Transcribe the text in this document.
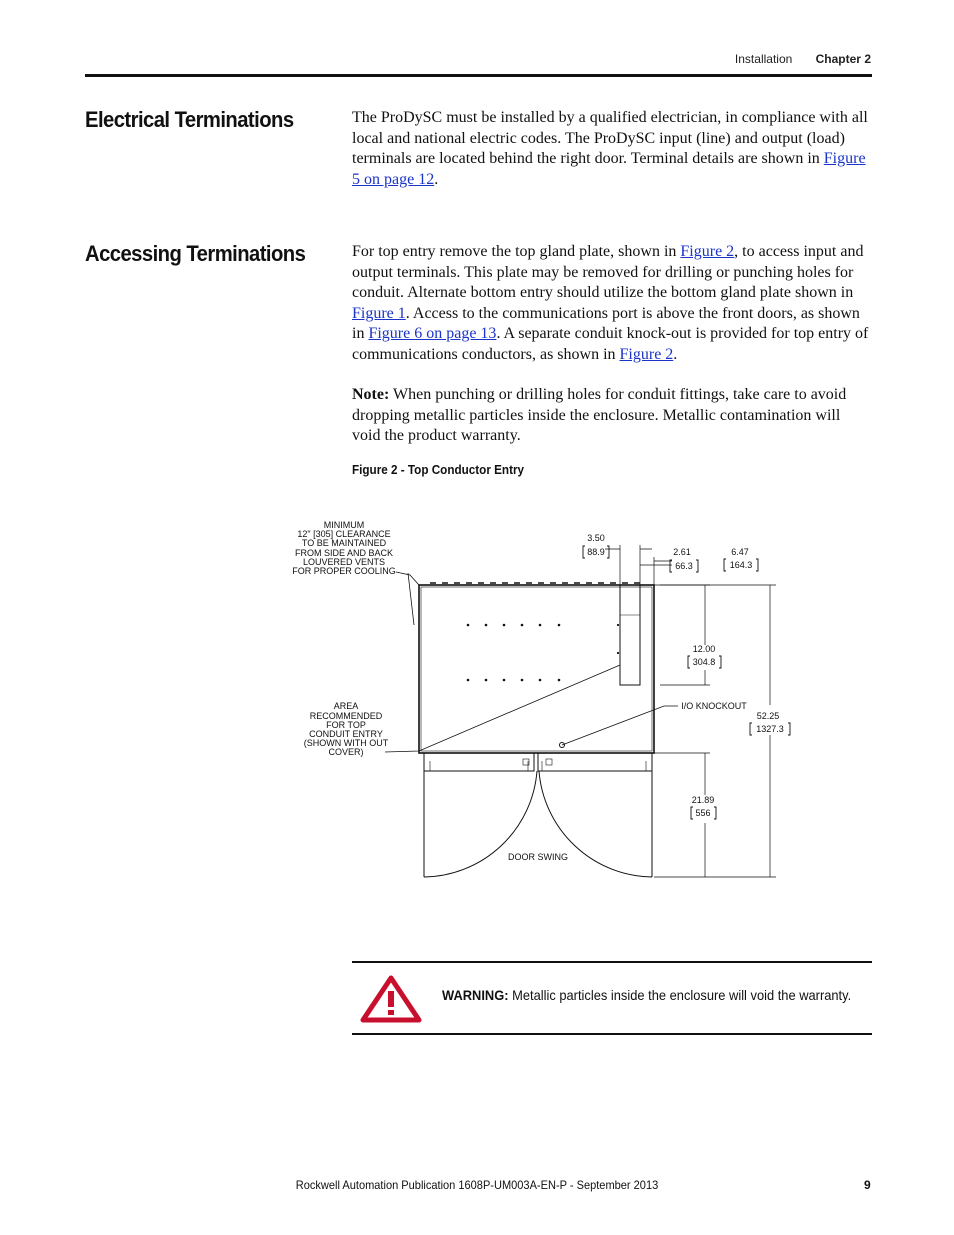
Installation Chapter 2
Electrical Terminations	The ProDySC must be installed by a qualified electrician, in compliance with all local and national electric codes. The ProDySC input (line) and output (load) terminals are located behind the right door. Terminal details are shown in Figure 5 on page 12.

Accessing Terminations	For top entry remove the top gland plate, shown in Figure 2, to access input and output terminals. This plate may be removed for drilling or punching holes for conduit. Alternate bottom entry should utilize the bottom gland plate shown in Figure 1. Access to the communications port is above the front doors, as shown in Figure 6 on page 13. A separate conduit knock-out is provided for top entry of communications conductors, as shown in Figure 2.

Note: When punching or drilling holes for conduit fittings, take care to avoid dropping metallic particles inside the enclosure. Metallic contamination will void the product warranty.

Figure 2 - Top Conductor Entry
MINIMUM
12" [305] CLEARANCE
TO BE MAINTAINED
FROM SIDE AND BACK
LOUVERED VENTS
FOR PROPER COOLING
AREA
RECOMMENDED
FOR TOP
CONDUIT ENTRY
(SHOWN WITH OUT
COVER)
3.50
88.9	2.61
66.3
6.47
164.3
12.00
304.8
52.25
1327.3
21.89
556
I/O KNOCKOUT
DOOR SWING
WARNING: Metallic particles inside the enclosure will void the warranty.
Rockwell Automation Publication 1608P-UM003A-EN-P - September 2013	9
